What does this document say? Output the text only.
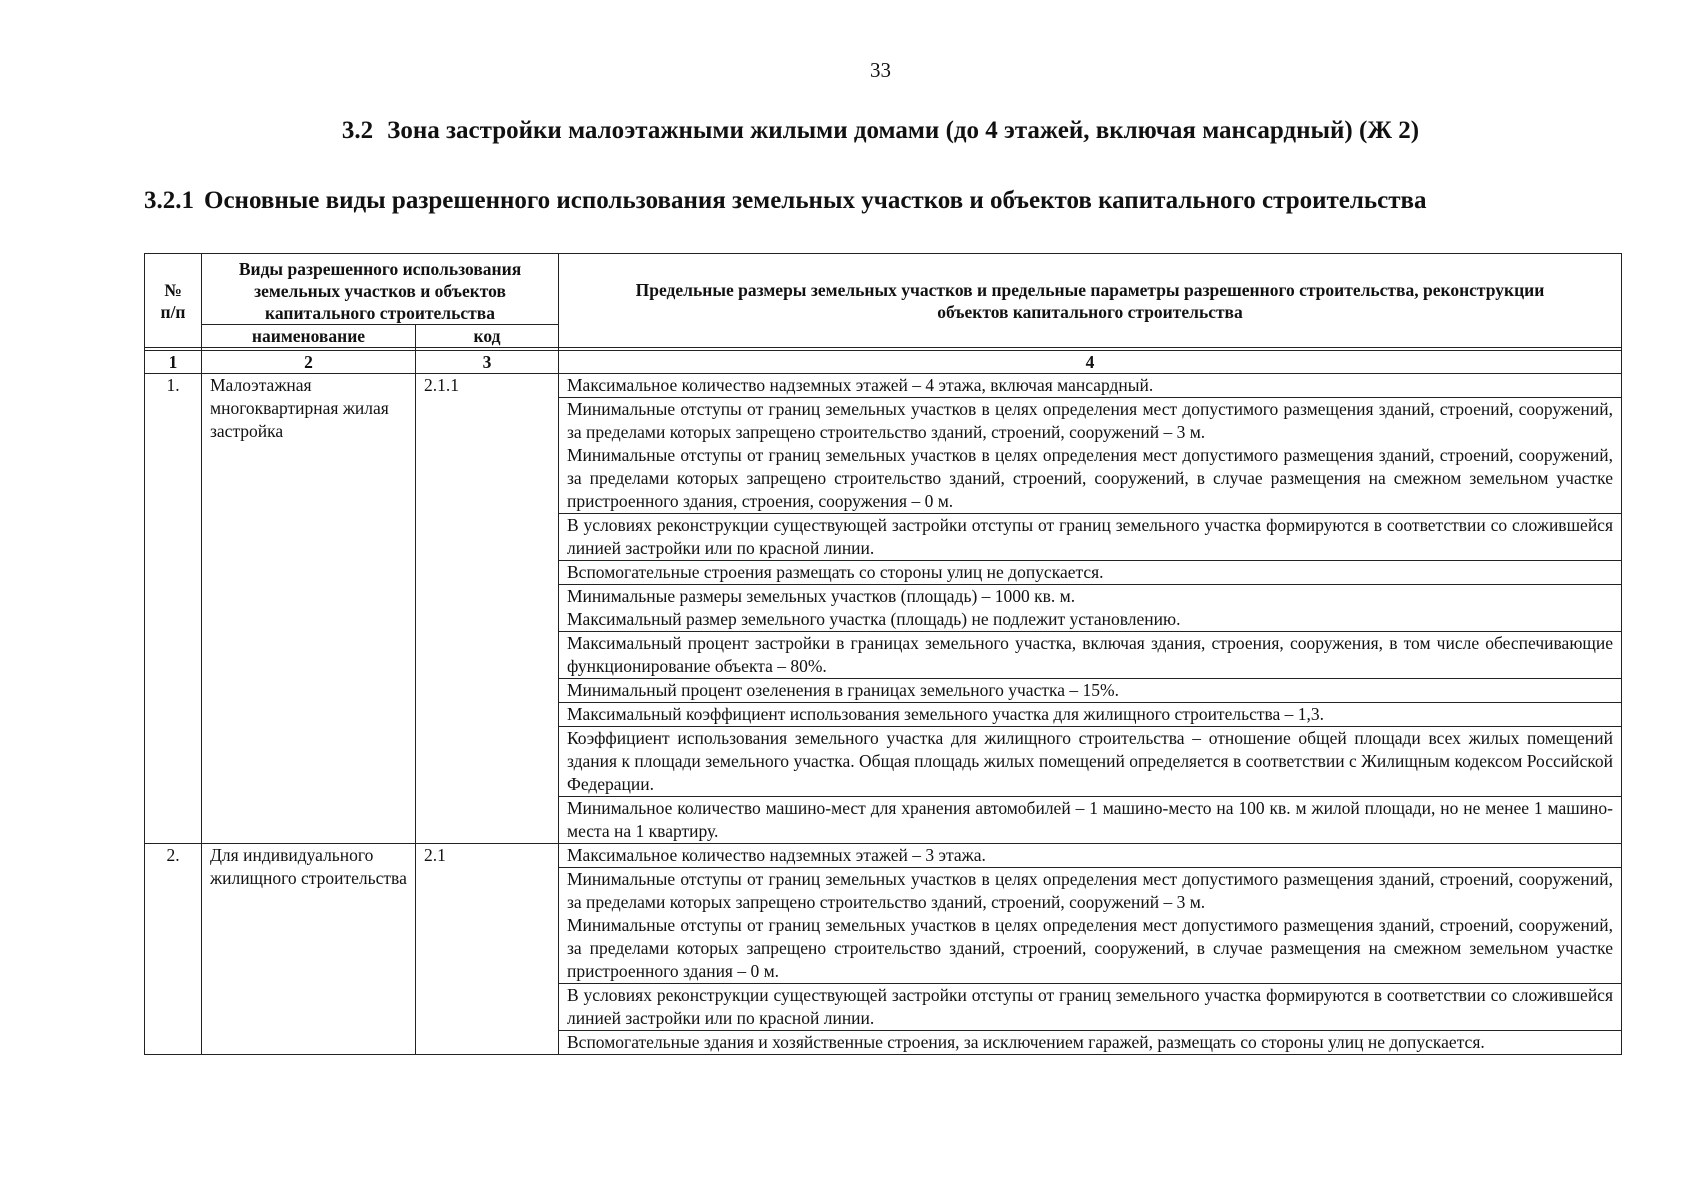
33
3.2 Зона застройки малоэтажными жилыми домами (до 4 этажей, включая мансардный) (Ж 2)
3.2.1 Основные виды разрешенного использования земельных участков и объектов капитального строительства
№ п/п	Виды разрешенного использования земельных участков и объектов капитального строительства		Предельные размеры земельных участков и предельные параметры разрешенного строительства, реконструкции объектов капитального строительства
	наименование	код	

1	2	3	4
1.	Малоэтажная многоквартирная жилая застройка	2.1.1	Максимальное количество надземных этажей – 4 этажа, включая мансардный.

			Минимальные отступы от границ земельных участков в целях определения мест допустимого размещения зданий, строений, сооружений, за пределами которых запрещено строительство зданий, строений, сооружений – 3 м.
Минимальные отступы от границ земельных участков в целях определения мест допустимого размещения зданий, строений, сооружений, за пределами которых запрещено строительство зданий, строений, сооружений, в случае размещения на смежном земельном участке пристроенного здания, строения, сооружения – 0 м.

			В условиях реконструкции существующей застройки отступы от границ земельного участка формируются в соответствии со сложившейся линией застройки или по красной линии.

			Вспомогательные строения размещать со стороны улиц не допускается.

			Минимальные размеры земельных участков (площадь) – 1000 кв. м.
Максимальный размер земельного участка (площадь) не подлежит установлению.

			Максимальный процент застройки в границах земельного участка, включая здания, строения, сооружения, в том числе обеспечивающие функционирование объекта – 80%.

			Минимальный процент озеленения в границах земельного участка – 15%.

			Максимальный коэффициент использования земельного участка для жилищного строительства – 1,3.

			Коэффициент использования земельного участка для жилищного строительства – отношение общей площади всех жилых помещений здания к площади земельного участка. Общая площадь жилых помещений определяется в соответствии с Жилищным кодексом Российской Федерации.

			Минимальное количество машино-мест для хранения автомобилей – 1 машино-место на 100 кв. м жилой площади, но не менее 1 машино-места на 1 квартиру.

2.	Для индивидуального жилищного строительства	2.1	Максимальное количество надземных этажей – 3 этажа.

			Минимальные отступы от границ земельных участков в целях определения мест допустимого размещения зданий, строений, сооружений, за пределами которых запрещено строительство зданий, строений, сооружений – 3 м.
Минимальные отступы от границ земельных участков в целях определения мест допустимого размещения зданий, строений, сооружений, за пределами которых запрещено строительство зданий, строений, сооружений, в случае размещения на смежном земельном участке пристроенного здания – 0 м.

			В условиях реконструкции существующей застройки отступы от границ земельного участка формируются в соответствии со сложившейся линией застройки или по красной линии.

			Вспомогательные здания и хозяйственные строения, за исключением гаражей, размещать со стороны улиц не допускается.
